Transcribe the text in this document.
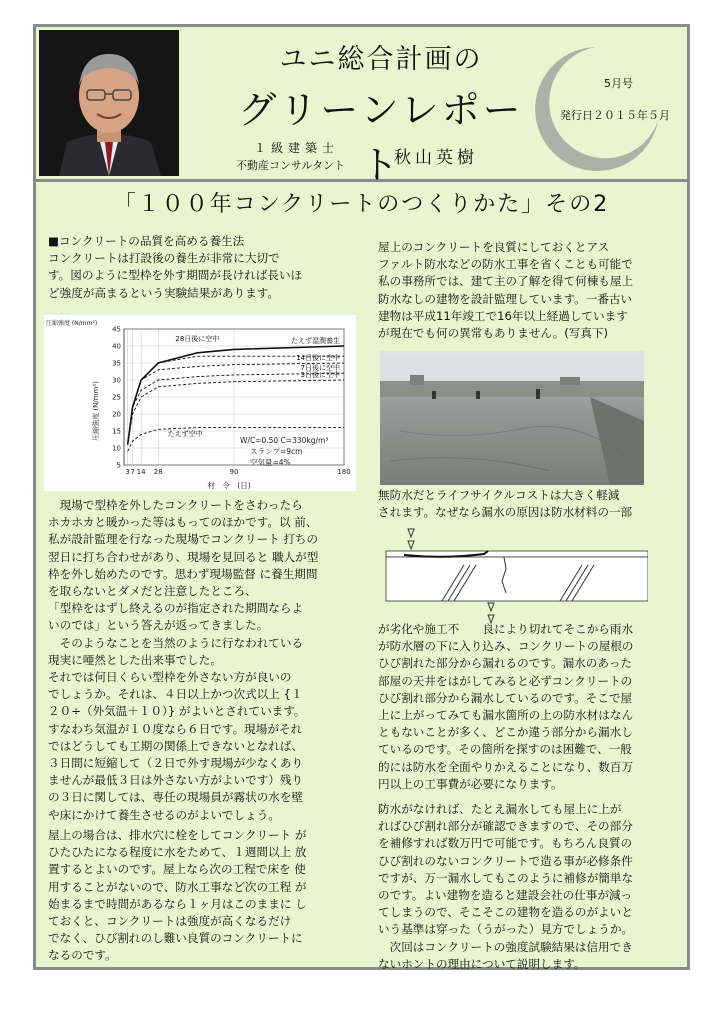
ユニ総合計画の
グリーンレポート
１級建築士
不動産コンサルタント	秋山英樹
5月号
発行日２０１５年５月
「１００年コンクリートのつくりかた」その2

■コンクリートの品質を高める養生法

コンクリートは打設後の養生が非常に大切で

す。図のように型枠を外す期間が長ければ長いほ

ど強度が高まるという実験結果があります。

圧縮強度 (N/mm²)
圧縮強度 (N/mm²)
材　令　(日)
W/C=0.50 C=330kg/m³
スランプ=9cm
空気量=4%
5
10
15
20
25
30
35
40
45
3 7 14 28	90	180
たえず湿潤養生
28日後に空中
14日後に空中
7日後に空中
3日後に空中
たえず空中

　現場で型枠を外したコンクリートをさわったら

ホカホカと暖かった等はもってのほかです。以 前、

私が設計監理を行なった現場でコンクリート 打ちの

翌日に打ち合わせがあり、現場を見回ると 職人が型

枠を外し始めたのです。思わず現場監督 に養生期間

を取らないとダメだと注意したところ、

「型枠をはずし終えるのが指定された期間ならよ

いのでは」という答えが返ってきました。

　そのようなことを当然のように行なわれている

現実に唖然とした出来事でした。

それでは何日くらい型枠を外さない方が良いの

でしょうか。それは、４日以上かつ次式以上 {１

２０÷（外気温＋１０）} がよいとされています。

すなわち気温が１０度なら６日です。現場がそれ

ではどうしても工期の関係上できないとなれば、

３日間に短縮して（２日で外す現場が少なくあり

ませんが最低３日は外さない方がよいです）残り

の３日に関しては、専任の現場員が霧状の水を壁

や床にかけて養生させるのがよいでしょう。

屋上の場合は、排水穴に栓をしてコンクリート が

ひたひたになる程度に水をためて、１週間以上 放

置するとよいのです。屋上なら次の工程で床を 使

用することがないので、防水工事など次の工程 が

始まるまで時間があるなら１ヶ月はこのままに し

ておくと、コンクリートは強度が高くなるだけ

でなく、ひび割れのし難い良質のコンクリートに

なるのです。

屋上のコンクリートを良質にしておくとアス

ファルト防水などの防水工事を省くことも可能で

私の事務所では、建て主の了解を得て何棟も屋上

防水なしの建物を設計監理しています。一番古い

建物は平成11年竣工で16年以上経過しています

が現在でも何の異常もありません。(写真下)

無防水だとライフサイクルコストは大きく軽減

されます。なぜなら漏水の原因は防水材料の一部

が劣化や施工不　　良により切れてそこから雨水

が防水層の下に入り込み、コンクリートの屋根の

ひび割れた部分から漏れるのです。漏水のあった

部屋の天井をはがしてみると必ずコンクリートの

ひび割れ部分から漏水しているのです。そこで屋

上に上がってみても漏水箇所の上の防水材はなん

ともないことが多く、どこか違う部分から漏水し

ているのです。その箇所を探すのは困難で、一般

的には防水を全面やりかえることになり、数百万

円以上の工事費が必要になります。

防水がなければ、たとえ漏水しても屋上に上が

ればひび割れ部分が確認できますので、その部分

を補修すれば数万円で可能です。もちろん良質の

ひび割れのないコンクリートで造る事が必修条件

ですが、万一漏水してもこのように補修が簡単な

のです。よい建物を造ると建設会社の仕事が減っ

てしまうので、そこそこの建物を造るのがよいと

いう基準は穿った（うがった）見方でしょうか。

　次回はコンクリートの強度試験結果は信用でき

ないホントの理由について説明します。
